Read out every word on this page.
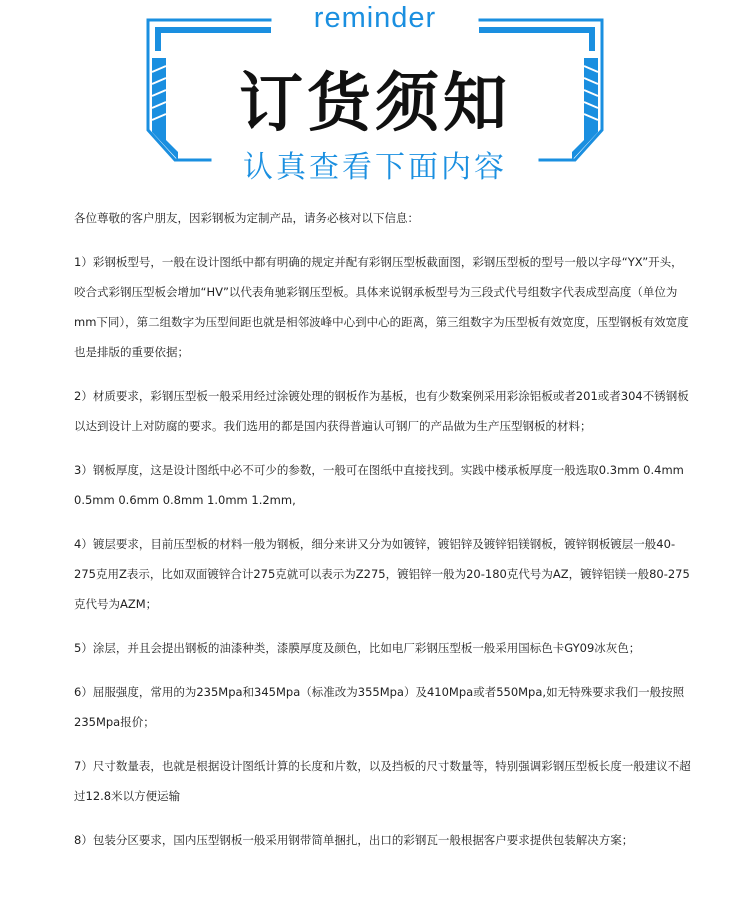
reminder
订货须知
认真查看下面内容

各位尊敬的客户朋友，因彩钢板为定制产品，请务必核对以下信息：

1）彩钢板型号，一般在设计图纸中都有明确的规定并配有彩钢压型板截面图，彩钢压型板的型号一般以字母“YX”开头，咬合式彩钢压型板会增加“HV”以代表角驰彩钢压型板。具体来说钢承板型号为三段式代号组数字代表成型高度（单位为mm下同），第二组数字为压型间距也就是相邻波峰中心到中心的距离，第三组数字为压型板有效宽度，压型钢板有效宽度也是排版的重要依据；

2）材质要求，彩钢压型板一般采用经过涂镀处理的钢板作为基板，也有少数案例采用彩涂铝板或者201或者304不锈钢板以达到设计上对防腐的要求。我们选用的都是国内获得普遍认可钢厂的产品做为生产压型钢板的材料；

3）钢板厚度，这是设计图纸中必不可少的参数，一般可在图纸中直接找到。实践中楼承板厚度一般选取0.3mm 0.4mm 0.5mm 0.6mm 0.8mm 1.0mm 1.2mm,

4）镀层要求，目前压型板的材料一般为钢板，细分来讲又分为如镀锌，镀铝锌及镀锌铝镁钢板，镀锌钢板镀层一般40-275克用Z表示，比如双面镀锌合计275克就可以表示为Z275，镀铝锌一般为20-180克代号为AZ，镀锌铝镁一般80-275克代号为AZM；

5）涂层，并且会提出钢板的油漆种类，漆膜厚度及颜色，比如电厂彩钢压型板一般采用国标色卡GY09冰灰色；

6）屈服强度，常用的为235Mpa和345Mpa（标准改为355Mpa）及410Mpa或者550Mpa,如无特殊要求我们一般按照235Mpa报价；

7）尺寸数量表，也就是根据设计图纸计算的长度和片数，以及挡板的尺寸数量等，特别强调彩钢压型板长度一般建议不超过12.8米以方便运输

8）包装分区要求，国内压型钢板一般采用钢带简单捆扎，出口的彩钢瓦一般根据客户要求提供包装解决方案；
